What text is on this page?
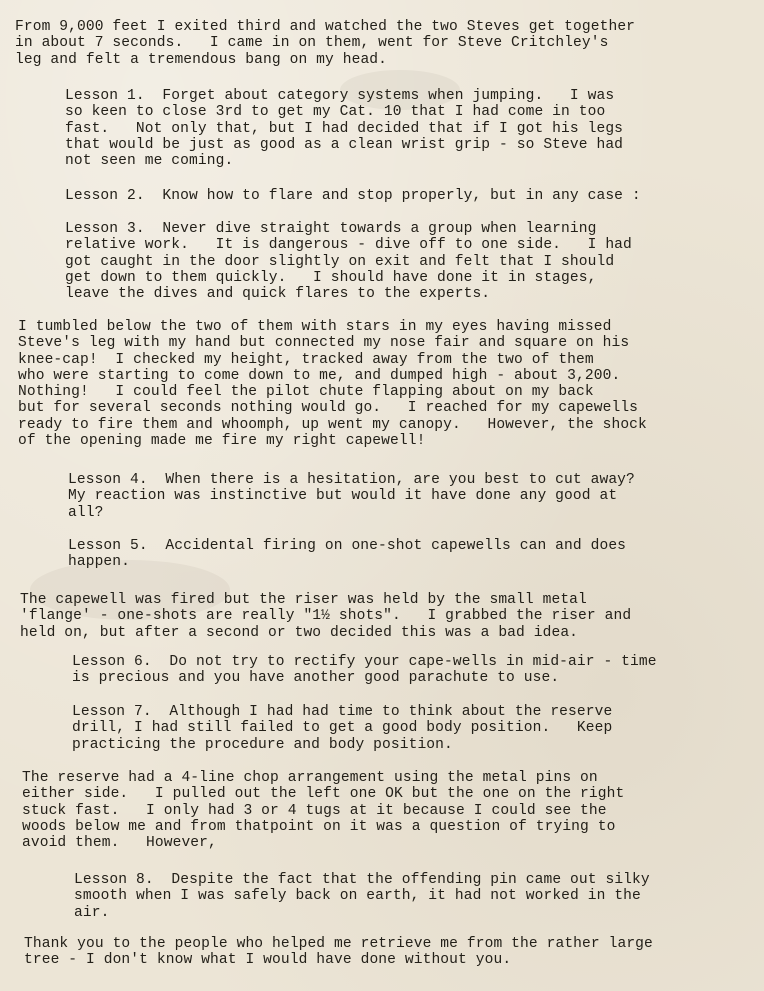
From 9,000 feet I exited third and watched the two Steves get together
in about 7 seconds.   I came in on them, went for Steve Critchley's
leg and felt a tremendous bang on my head.

Lesson 1.  Forget about category systems when jumping.   I was
so keen to close 3rd to get my Cat. 10 that I had come in too
fast.   Not only that, but I had decided that if I got his legs
that would be just as good as a clean wrist grip - so Steve had
not seen me coming.

Lesson 2.  Know how to flare and stop properly, but in any case :

Lesson 3.  Never dive straight towards a group when learning
relative work.   It is dangerous - dive off to one side.   I had
got caught in the door slightly on exit and felt that I should
get down to them quickly.   I should have done it in stages,
leave the dives and quick flares to the experts.

I tumbled below the two of them with stars in my eyes having missed
Steve's leg with my hand but connected my nose fair and square on his
knee-cap!  I checked my height, tracked away from the two of them
who were starting to come down to me, and dumped high - about 3,200.
Nothing!   I could feel the pilot chute flapping about on my back
but for several seconds nothing would go.   I reached for my capewells
ready to fire them and whoomph, up went my canopy.   However, the shock
of the opening made me fire my right capewell!

Lesson 4.  When there is a hesitation, are you best to cut away?
My reaction was instinctive but would it have done any good at
all?

Lesson 5.  Accidental firing on one-shot capewells can and does
happen.

The capewell was fired but the riser was held by the small metal
'flange' - one-shots are really "1½ shots".   I grabbed the riser and
held on, but after a second or two decided this was a bad idea.

Lesson 6.  Do not try to rectify your cape-wells in mid-air - time
is precious and you have another good parachute to use.

Lesson 7.  Although I had had time to think about the reserve
drill, I had still failed to get a good body position.   Keep
practicing the procedure and body position.

The reserve had a 4-line chop arrangement using the metal pins on
either side.   I pulled out the left one OK but the one on the right
stuck fast.   I only had 3 or 4 tugs at it because I could see the
woods below me and from thatpoint on it was a question of trying to
avoid them.   However,

Lesson 8.  Despite the fact that the offending pin came out silky
smooth when I was safely back on earth, it had not worked in the
air.

Thank you to the people who helped me retrieve me from the rather large
tree - I don't know what I would have done without you.
